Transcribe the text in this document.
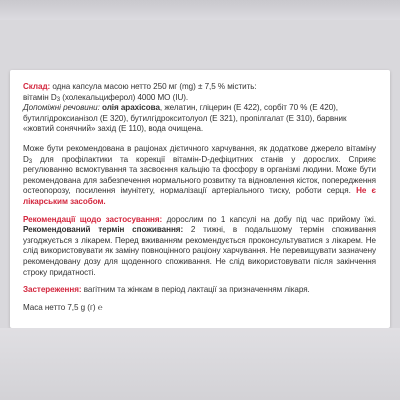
Склад: одна капсула масою нетто 250 мг (mg) ± 7,5 % містить:
вітамін $D_3$ (холекальциферол) 4000 МО (IU).
Допоміжні речовини: олія арахісова, желатин, гліцерин (Е 422), сорбіт 70 % (Е 420), бутилгідроксианізол (Е 320), бутилгідрокситолуол (Е 321), пропілгалат (Е 310), барвник «жовтий сонячний» захід (Е 110), вода очищена.

Може бути рекомендована в раціонах дієтичного харчування, як додаткове джерело вітаміну $D_3$ для профілактики та корекції вітамін-D-дефіцитних станів у дорослих. Сприяє регулюванню всмоктування та засвоєння кальцію та фосфору в організмі людини. Може бути рекомендована для забезпечення нормального розвитку та відновлення кісток, попередження остеопорозу, посилення імунітету, нормалізації артеріального тиску, роботи серця. Не є лікарським засобом.

Рекомендації щодо застосування: дорослим по 1 капсулі на добу під час прийому їжі. Рекомендований термін споживання: 2 тижні, в подальшому термін споживання узгоджується з лікарем. Перед вживанням рекомендується проконсультуватися з лікарем. Не слід використовувати як заміну повноцінного раціону харчування. Не перевищувати зазначену рекомендовану дозу для щоденного споживання. Не слід використовувати після закінчення строку придатності.

Застереження: вагітним та жінкам в період лактації за призначенням лікаря.

Маса нетто 7,5 g (г) ℮
